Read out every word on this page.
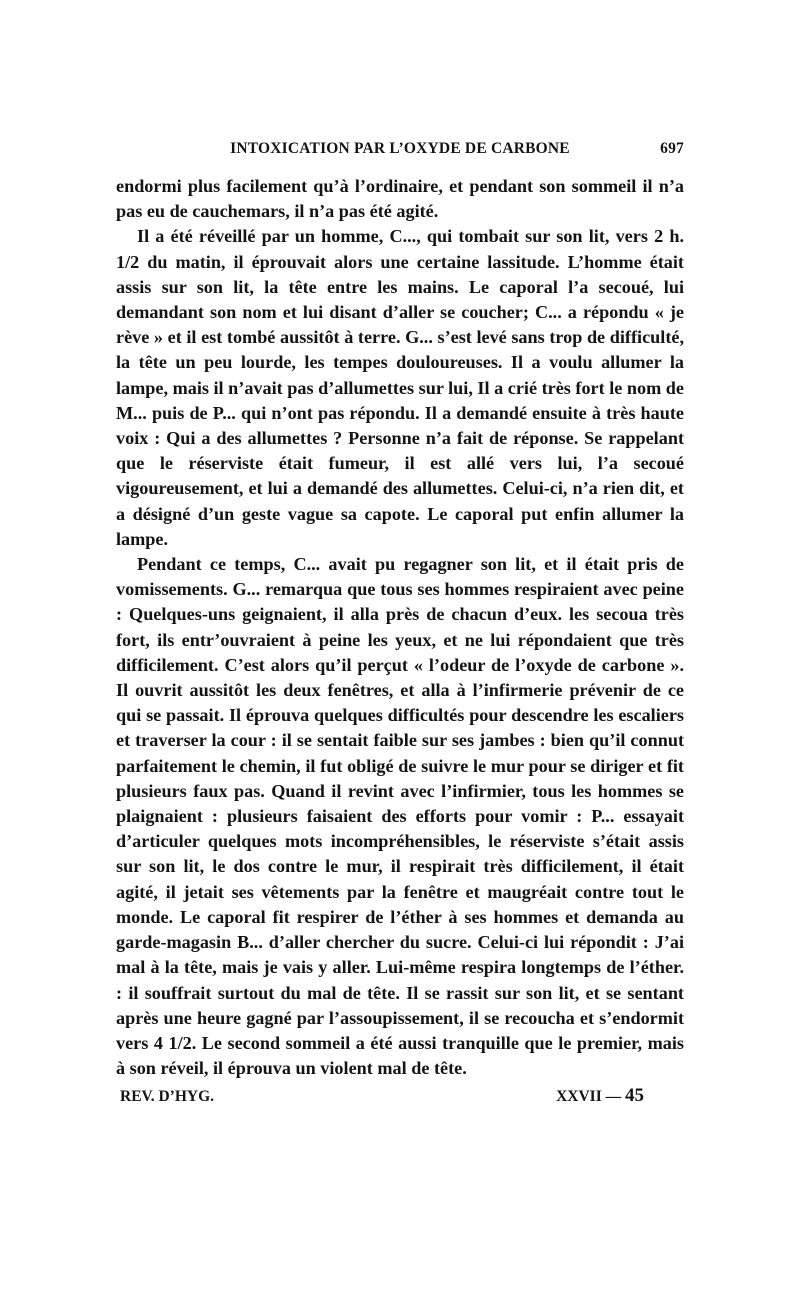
INTOXICATION PAR L’OXYDE DE CARBONE	697

endormi plus facilement qu’à l’ordinaire, et pendant son sommeil il n’a pas eu de cauchemars, il n’a pas été agité.

Il a été réveillé par un homme, C..., qui tombait sur son lit, vers 2 h. 1/2 du matin, il éprouvait alors une certaine lassitude. L’homme était assis sur son lit, la tête entre les mains. Le caporal l’a secoué, lui demandant son nom et lui disant d’aller se coucher; C... a répondu « je rève » et il est tombé aussitôt à terre. G... s’est levé sans trop de difficulté, la tête un peu lourde, les tempes douloureuses. Il a voulu allumer la lampe, mais il n’avait pas d’allumettes sur lui, Il a crié très fort le nom de M... puis de P... qui n’ont pas répondu. Il a demandé ensuite à très haute voix : Qui a des allumettes ? Personne n’a fait de réponse. Se rappelant que le réserviste était fumeur, il est allé vers lui, l’a secoué vigoureusement, et lui a demandé des allumettes. Celui-ci, n’a rien dit, et a désigné d’un geste vague sa capote. Le caporal put enfin allumer la lampe.

Pendant ce temps, C... avait pu regagner son lit, et il était pris de vomissements. G... remarqua que tous ses hommes respiraient avec peine : Quelques-uns geignaient, il alla près de chacun d’eux. les secoua très fort, ils entr’ouvraient à peine les yeux, et ne lui répondaient que très difficilement. C’est alors qu’il perçut « l’odeur de l’oxyde de carbone ». Il ouvrit aussitôt les deux fenêtres, et alla à l’infirmerie prévenir de ce qui se passait. Il éprouva quelques difficultés pour descendre les escaliers et traverser la cour : il se sentait faible sur ses jambes : bien qu’il connut parfaitement le chemin, il fut obligé de suivre le mur pour se diriger et fit plusieurs faux pas. Quand il revint avec l’infirmier, tous les hommes se plaignaient : plusieurs faisaient des efforts pour vomir : P... essayait d’articuler quelques mots incompréhensibles, le réserviste s’était assis sur son lit, le dos contre le mur, il respirait très difficilement, il était agité, il jetait ses vêtements par la fenêtre et maugréait contre tout le monde. Le caporal fit respirer de l’éther à ses hommes et demanda au garde-magasin B... d’aller chercher du sucre. Celui-ci lui répondit : J’ai mal à la tête, mais je vais y aller. Lui-même respira longtemps de l’éther. : il souffrait surtout du mal de tête. Il se rassit sur son lit, et se sentant après une heure gagné par l’assoupissement, il se recoucha et s’endormit vers 4 1/2. Le second sommeil a été aussi tranquille que le premier, mais à son réveil, il éprouva un violent mal de tête.

REV. D’HYG.	XXVII — 45
